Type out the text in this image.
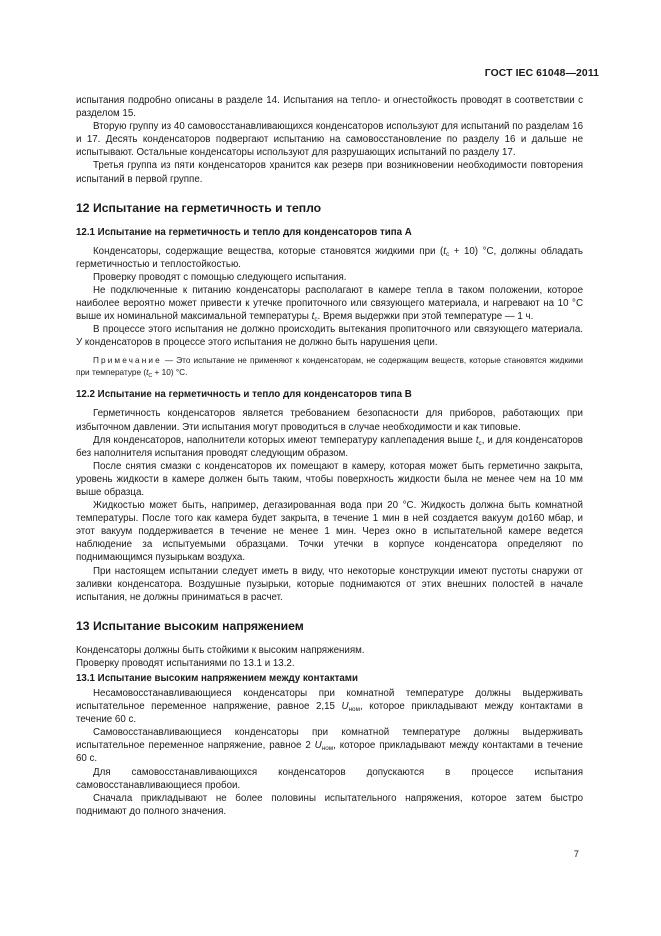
ГОСТ IEC 61048—2011

испытания подробно описаны в разделе 14. Испытания на тепло- и огнестойкость проводят в соответствии с разделом 15.

Вторую группу из 40 самовосстанавливающихся конденсаторов используют для испытаний по разделам 16 и 17. Десять конденсаторов подвергают испытанию на самовосстановление по разделу 16 и дальше не испытывают. Остальные конденсаторы используют для разрушающих испытаний по разделу 17.

Третья группа из пяти конденсаторов хранится как резерв при возникновении необходимости повторения испытаний в первой группе.

12 Испытание на герметичность и тепло
12.1 Испытание на герметичность и тепло для конденсаторов типа А

Конденсаторы, содержащие вещества, которые становятся жидкими при $(t_c + 10)$ °С, должны обладать герметичностью и теплостойкостью.

Проверку проводят с помощью следующего испытания.

Не подключенные к питанию конденсаторы располагают в камере тепла в таком положении, которое наиболее вероятно может привести к утечке пропиточного или связующего материала, и нагревают на 10 °С выше их номинальной максимальной температуры $t_c$. Время выдержки при этой температуре — 1 ч.

В процессе этого испытания не должно происходить вытекания пропиточного или связующего материала. У конденсаторов в процессе этого испытания не должно быть нарушения цепи.

Примечание — Это испытание не применяют к конденсаторам, не содержащим веществ, которые становятся жидкими при температуре $(t_C + 10)$ °С.

12.2 Испытание на герметичность и тепло для конденсаторов типа В

Герметичность конденсаторов является требованием безопасности для приборов, работающих при избыточном давлении. Эти испытания могут проводиться в случае необходимости и как типовые.

Для конденсаторов, наполнители которых имеют температуру каплепадения выше $t_c$, и для конденсаторов без наполнителя испытания проводят следующим образом.

После снятия смазки с конденсаторов их помещают в камеру, которая может быть герметично закрыта, уровень жидкости в камере должен быть таким, чтобы поверхность жидкости была не менее чем на 10 мм выше образца.

Жидкостью может быть, например, дегазированная вода при 20 °С. Жидкость должна быть комнатной температуры. После того как камера будет закрыта, в течение 1 мин в ней создается вакуум до160 мбар, и этот вакуум поддерживается в течение не менее 1 мин. Через окно в испытательной камере ведется наблюдение за испытуемыми образцами. Точки утечки в корпусе конденсатора определяют по поднимающимся пузырькам воздуха.

При настоящем испытании следует иметь в виду, что некоторые конструкции имеют пустоты снаружи от заливки конденсатора. Воздушные пузырьки, которые поднимаются от этих внешних полостей в начале испытания, не должны приниматься в расчет.

13 Испытание высоким напряжением

Конденсаторы должны быть стойкими к высоким напряжениям.

Проверку проводят испытаниями по 13.1 и 13.2.

13.1 Испытание высоким напряжением между контактами

Несамовосстанавливающиеся конденсаторы при комнатной температуре должны выдерживать испытательное переменное напряжение, равное 2,15 $U_{ном}$, которое прикладывают между контактами в течение 60 с.

Самовосстанавливающиеся конденсаторы при комнатной температуре должны выдерживать испытательное переменное напряжение, равное 2 $U_{ном}$, которое прикладывают между контактами в течение 60 с.

Для самовосстанавливающихся конденсаторов допускаются в процессе испытания самовосстанавливающиеся пробои.

Сначала прикладывают не более половины испытательного напряжения, которое затем быстро поднимают до полного значения.

7
